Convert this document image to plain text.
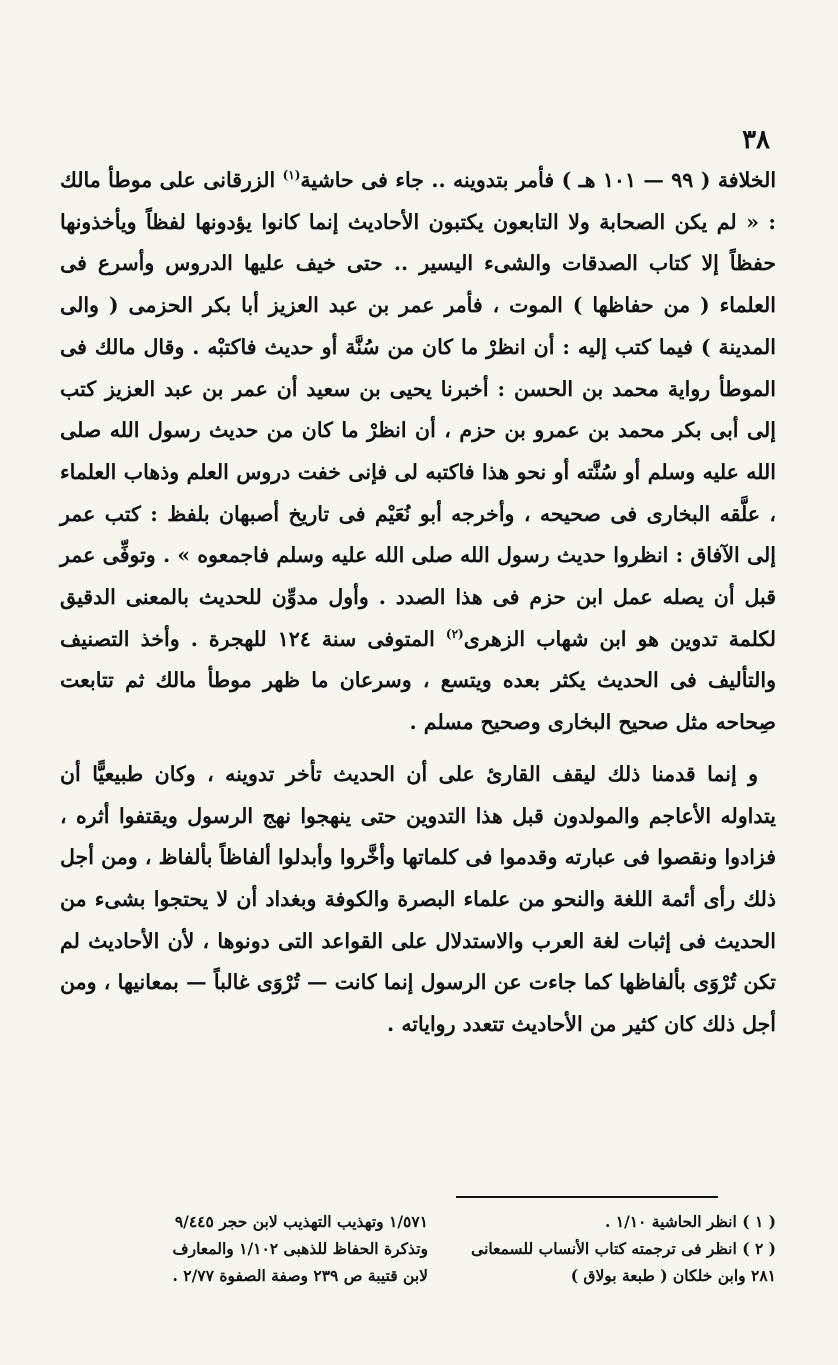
٣٨

الخلافة ( ٩٩ — ١٠١ هـ ) فأمر بتدوينه .. جاء فى حاشية$^{(١)}$ الزرقانى على موطأ مالك : « لم يكن الصحابة ولا التابعون يكتبون الأحاديث إنما كانوا يؤدونها لفظاً ويأخذونها حفظاً إلا كتاب الصدقات والشىء اليسير .. حتى خيف عليها الدروس وأسرع فى العلماء ( من حفاظها ) الموت ، فأمر عمر بن عبد العزيز أبا بكر الحزمى ( والى المدينة ) فيما كتب إليه : أن انظرْ ما كان من سُنَّة أو حديث فاكتبْه . وقال مالك فى الموطأ رواية محمد بن الحسن : أخبرنا يحيى بن سعيد أن عمر بن عبد العزيز كتب إلى أبى بكر محمد بن عمرو بن حزم ، أن انظرْ ما كان من حديث رسول الله صلى الله عليه وسلم أو سُنَّته أو نحو هذا فاكتبه لى فإنى خفت دروس العلم وذهاب العلماء ، علَّقه البخارى فى صحيحه ، وأخرجه أبو نُعَيْم فى تاريخ أصبهان بلفظ : كتب عمر إلى الآفاق : انظروا حديث رسول الله صلى الله عليه وسلم فاجمعوه » . وتوفِّى عمر قبل أن يصله عمل ابن حزم فى هذا الصدد . وأول مدوِّن للحديث بالمعنى الدقيق لكلمة تدوين هو ابن شهاب الزهرى$^{(٢)}$ المتوفى سنة ١٢٤ للهجرة . وأخذ التصنيف والتأليف فى الحديث يكثر بعده ويتسع ، وسرعان ما ظهر موطأ مالك ثم تتابعت صِحاحه مثل صحيح البخارى وصحيح مسلم .

و إنما قدمنا ذلك ليقف القارئ على أن الحديث تأخر تدوينه ، وكان طبيعيًّا أن يتداوله الأعاجم والمولدون قبل هذا التدوين حتى ينهجوا نهج الرسول ويقتفوا أثره ، فزادوا ونقصوا فى عبارته وقدموا فى كلماتها وأخَّروا وأبدلوا ألفاظاً بألفاظ ، ومن أجل ذلك رأى أئمة اللغة والنحو من علماء البصرة والكوفة وبغداد أن لا يحتجوا بشىء من الحديث فى إثبات لغة العرب والاستدلال على القواعد التى دونوها ، لأن الأحاديث لم تكن تُرْوَى بألفاظها كما جاءت عن الرسول إنما كانت — تُرْوَى غالباً — بمعانيها ، ومن أجل ذلك كان كثير من الأحاديث تتعدد رواياته .

( ١ ) انظر الحاشية ١/١٠ .

( ٢ ) انظر فى ترجمته كتاب الأنساب للسمعانى ٢٨١ وابن خلكان ( طبعة بولاق )

١/٥٧١ وتهذيب التهذيب لابن حجر ٩/٤٤٥

وتذكرة الحفاظ للذهبى ١/١٠٢ والمعارف

لابن قتيبة ص ٢٣٩ وصفة الصفوة ٢/٧٧ .
